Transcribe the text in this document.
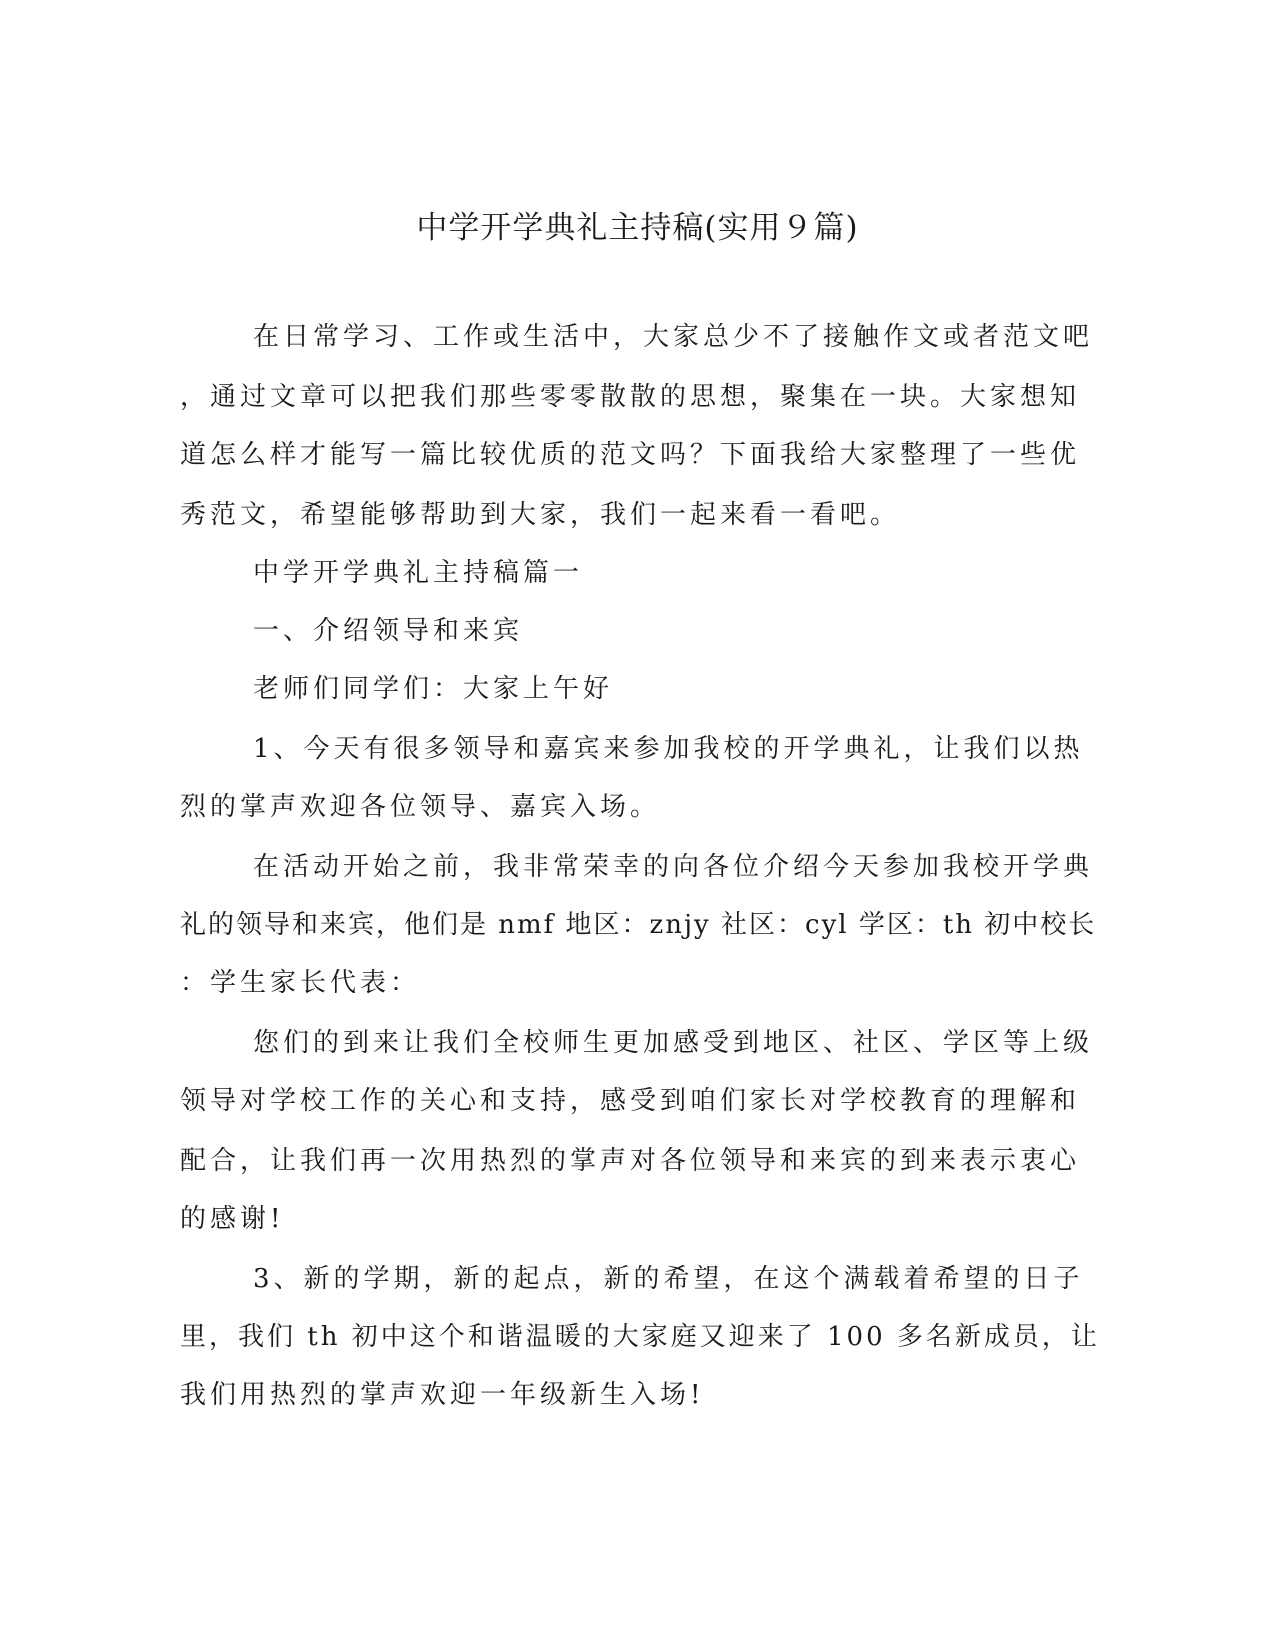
中学开学典礼主持稿(实用９篇)

在日常学习、工作或生活中，大家总少不了接触作文或者范文吧

，通过文章可以把我们那些零零散散的思想，聚集在一块。大家想知

道怎么样才能写一篇比较优质的范文吗？下面我给大家整理了一些优

秀范文，希望能够帮助到大家，我们一起来看一看吧。

中学开学典礼主持稿篇一

一、介绍领导和来宾

老师们同学们：大家上午好

1、今天有很多领导和嘉宾来参加我校的开学典礼，让我们以热

烈的掌声欢迎各位领导、嘉宾入场。

在活动开始之前，我非常荣幸的向各位介绍今天参加我校开学典

礼的领导和来宾，他们是 nmf 地区：znjy 社区：cyl 学区：th 初中校长

：学生家长代表：

您们的到来让我们全校师生更加感受到地区、社区、学区等上级

领导对学校工作的关心和支持，感受到咱们家长对学校教育的理解和

配合，让我们再一次用热烈的掌声对各位领导和来宾的到来表示衷心

的感谢!

3、新的学期，新的起点，新的希望，在这个满载着希望的日子

里，我们 th 初中这个和谐温暖的大家庭又迎来了 100 多名新成员，让

我们用热烈的掌声欢迎一年级新生入场!
